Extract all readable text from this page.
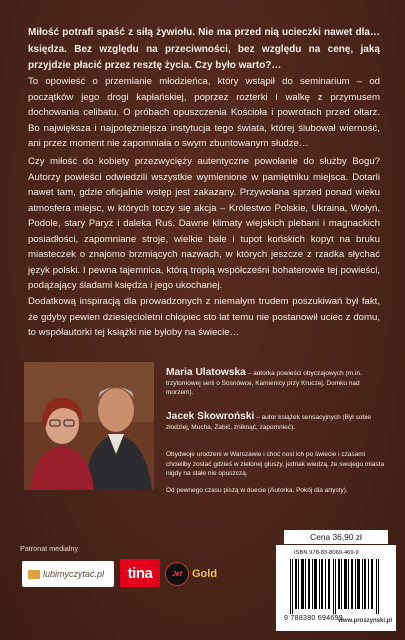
Miłość potrafi spaść z siłą żywiołu. Nie ma przed nią ucieczki nawet dla… księdza. Bez względu na przeciwności, bez względu na cenę, jaką przyjdzie płacić przez resztę życia. Czy było warto?…
To opowieść o przemianie młodzieńca, który wstąpił do seminarium – od początków jego drogi kapłańskiej, poprzez rozterki i walkę z przymusem dochowania celibatu. O próbach opuszczenia Kościoła i powrotach przed ołtarz. Bo największa i najpotężniejsza instytucja tego świata, której ślubował wierność, ani przez moment nie zapomniała o swym zbuntowanym słudze…
Czy miłość do kobiety przezwycięży autentyczne powołanie do służby Bogu? Autorzy powieści odwiedzili wszystkie wymienione w pamiętniku miejsca. Dotarli nawet tam, gdzie oficjalnie wstęp jest zakazany. Przywołana sprzed ponad wieku atmosfera miejsc, w których toczy się akcja – Królestwo Polskie, Ukraina, Wołyń, Podole, stary Paryż i daleka Ruś. Dawne klimaty wiejskich plebani i magnackich posiadłości, zapomniane stroje, wielkie bale i tupot końskich kopyt na bruku miasteczek o znajomo brzmiących nazwach, w których jeszcze z rzadka słychać język polski. I pewna tajemnica, którą tropią współcześni bohaterowie tej powieści, podążający śladami księdza i jego ukochanej.
Dodatkową inspiracją dla prowadzonych z niemałym trudem poszukiwań był fakt, że gdyby pewien dziesięcioletni chłopiec sto lat temu nie postanowił uciec z domu, to współautorki tej książki nie byłoby na świecie…
Maria Ulatowska – autorka powieści obyczajowych (m.in. trzytomowej serii o Sosnówce, Kamienicy przy Kruczej, Domku nad morzem).
Jacek Skowroński – autor książek sensacyjnych (Był sobie złodziej, Mucha, Zabić, zniknąć, zapomnieć).
Obydwoje urodzeni w Warszawie i choć nosi ich po świecie i czasami chcieliby zostać gdzieś w zielonej głuszy, jednak wiedzą, że swojego miasta nigdy na stałe nie opuszczą.
Od pewnego czasu piszą w duecie (Autorka, Pokój dla artysty).
Patronat medialny
lubimyczytać.pl	tina	Jet Gold
Cena 36,90 zł
ISBN 978-83-8069-469-9
9 788380 694699
www.proszynski.pl
